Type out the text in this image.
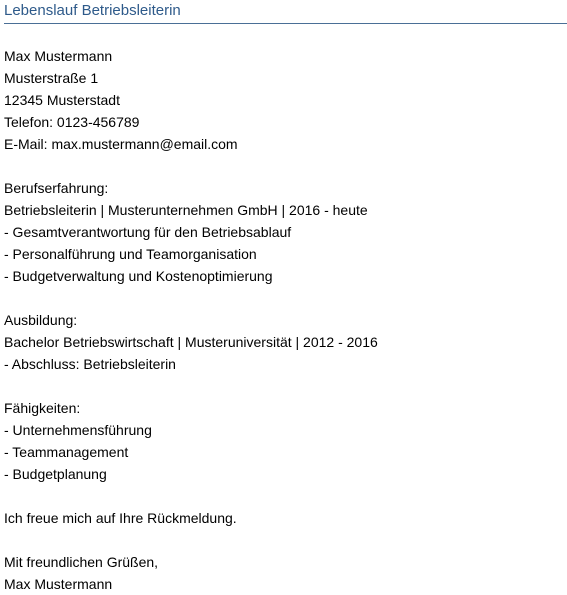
Lebenslauf Betriebsleiterin
Max Mustermann
Musterstraße 1
12345 Musterstadt
Telefon: 0123-456789
E-Mail: max.mustermann@email.com
Berufserfahrung:
Betriebsleiterin | Musterunternehmen GmbH | 2016 - heute
- Gesamtverantwortung für den Betriebsablauf
- Personalführung und Teamorganisation
- Budgetverwaltung und Kostenoptimierung
Ausbildung:
Bachelor Betriebswirtschaft | Musteruniversität | 2012 - 2016
- Abschluss: Betriebsleiterin
Fähigkeiten:
- Unternehmensführung
- Teammanagement
- Budgetplanung
Ich freue mich auf Ihre Rückmeldung.
Mit freundlichen Grüßen,
Max Mustermann
